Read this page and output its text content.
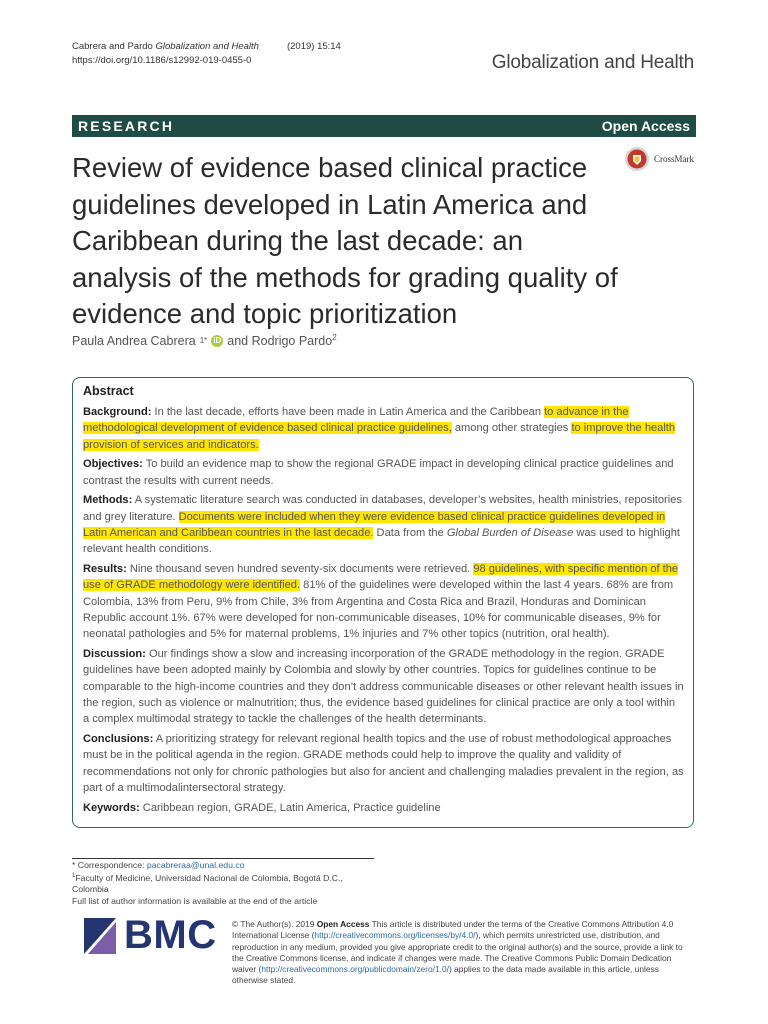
Cabrera and Pardo Globalization and Health	(2019) 15:14
https://doi.org/10.1186/s12992-019-0455-0	Globalization and Health
RESEARCH	Open Access
Review of evidence based clinical practice guidelines developed in Latin America and Caribbean during the last decade: an analysis of the methods for grading quality of evidence and topic prioritization
CrossMark
Paula Andrea Cabrera 1* iD and Rodrigo Pardo$^2$
Abstract

Background: In the last decade, efforts have been made in Latin America and the Caribbean to advance in the methodological development of evidence based clinical practice guidelines, among other strategies to improve the health provision of services and indicators.

Objectives: To build an evidence map to show the regional GRADE impact in developing clinical practice guidelines and contrast the results with current needs.

Methods: A systematic literature search was conducted in databases, developer’s websites, health ministries, repositories and grey literature. Documents were included when they were evidence based clinical practice guidelines developed in Latin American and Caribbean countries in the last decade. Data from the Global Burden of Disease was used to highlight relevant health conditions.

Results: Nine thousand seven hundred seventy-six documents were retrieved. 98 guidelines, with specific mention of the use of GRADE methodology were identified. 81% of the guidelines were developed within the last 4 years. 68% are from Colombia, 13% from Peru, 9% from Chile, 3% from Argentina and Costa Rica and Brazil, Honduras and Dominican Republic account 1%. 67% were developed for non-communicable diseases, 10% for communicable diseases, 9% for neonatal pathologies and 5% for maternal problems, 1% injuries and 7% other topics (nutrition, oral health).

Discussion: Our findings show a slow and increasing incorporation of the GRADE methodology in the region. GRADE guidelines have been adopted mainly by Colombia and slowly by other countries. Topics for guidelines continue to be comparable to the high-income countries and they don’t address communicable diseases or other relevant health issues in the region, such as violence or malnutrition; thus, the evidence based guidelines for clinical practice are only a tool within a complex multimodal strategy to tackle the challenges of the health determinants.

Conclusions: A prioritizing strategy for relevant regional health topics and the use of robust methodological approaches must be in the political agenda in the region. GRADE methods could help to improve the quality and validity of recommendations not only for chronic pathologies but also for ancient and challenging maladies prevalent in the region, as part of a multimodalintersectoral strategy.

Keywords: Caribbean region, GRADE, Latin America, Practice guideline

* Correspondence: pacabreraa@unal.edu.co
$^1$Faculty of Medicine, Universidad Nacional de Colombia, Bogotá D.C., Colombia
Full list of author information is available at the end of the article
BMC © The Author(s). 2019 Open Access This article is distributed under the terms of the Creative Commons Attribution 4.0 International License (http://creativecommons.org/licenses/by/4.0/), which permits unrestricted use, distribution, and reproduction in any medium, provided you give appropriate credit to the original author(s) and the source, provide a link to the Creative Commons license, and indicate if changes were made. The Creative Commons Public Domain Dedication waiver (http://creativecommons.org/publicdomain/zero/1.0/) applies to the data made available in this article, unless otherwise stated.
